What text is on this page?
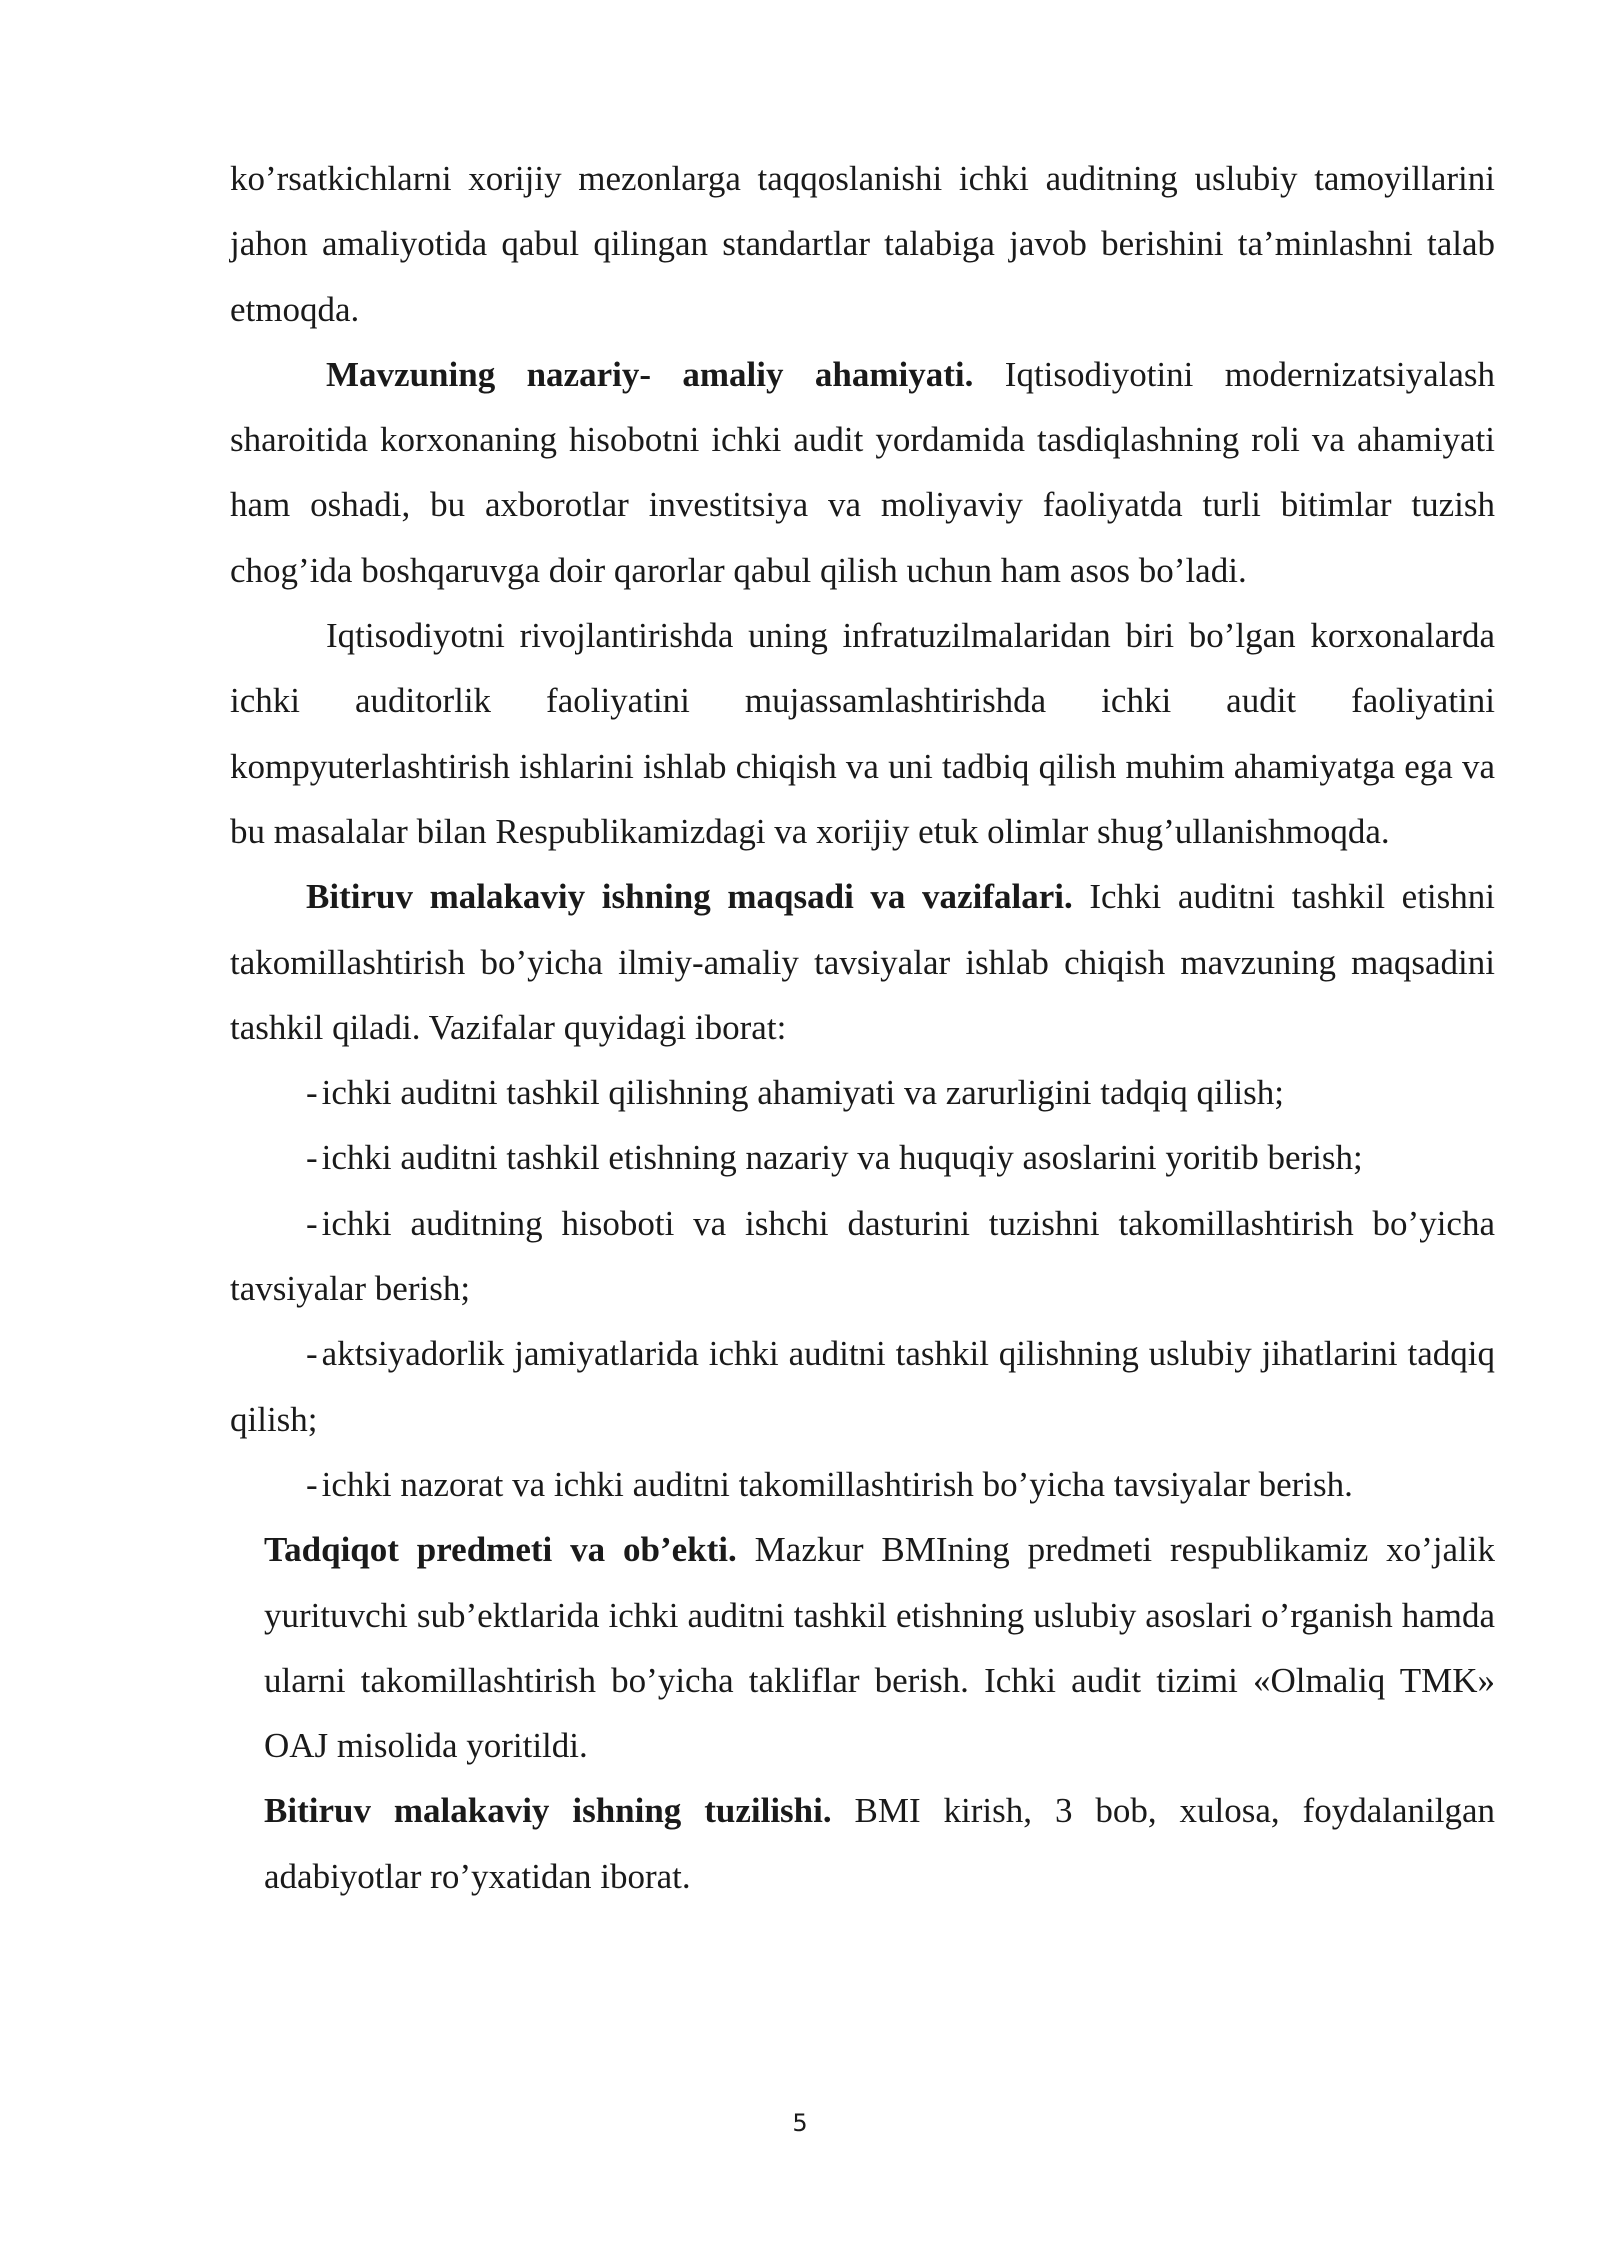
ko’rsatkichlarni xorijiy mezonlarga taqqoslanishi ichki auditning uslubiy tamoyillarini jahon amaliyotida qabul qilingan standartlar talabiga javob berishini ta’minlashni talab etmoqda.

Mavzuning nazariy- amaliy ahamiyati. Iqtisodiyotini modernizatsiyalash sharoitida korxonaning hisobotni ichki audit yordamida tasdiqlashning roli va ahamiyati ham oshadi, bu axborotlar investitsiya va moliyaviy faoliyatda turli bitimlar tuzish chog’ida boshqaruvga doir qarorlar qabul qilish uchun ham asos bo’ladi.

Iqtisodiyotni rivojlantirishda uning infratuzilmalaridan biri bo’lgan korxonalarda ichki auditorlik faoliyatini mujassamlashtirishda ichki audit faoliyatini kompyuterlashtirish ishlarini ishlab chiqish va uni tadbiq qilish muhim ahamiyatga ega va bu masalalar bilan Respublikamizdagi va xorijiy etuk olimlar shug’ullanishmoqda.

Bitiruv malakaviy ishning maqsadi va vazifalari. Ichki auditni tashkil etishni takomillashtirish bo’yicha ilmiy-amaliy tavsiyalar ishlab chiqish mavzuning maqsadini tashkil qiladi. Vazifalar quyidagi iborat:

- ichki auditni tashkil qilishning ahamiyati va zarurligini tadqiq qilish;

- ichki auditni tashkil etishning nazariy va huquqiy asoslarini yoritib berish;

- ichki auditning hisoboti va ishchi dasturini tuzishni takomillashtirish bo’yicha tavsiyalar berish;

- aktsiyadorlik jamiyatlarida ichki auditni tashkil qilishning uslubiy jihatlarini tadqiq qilish;

- ichki nazorat va ichki auditni takomillashtirish bo’yicha tavsiyalar berish.

Tadqiqot predmeti va ob’ekti. Mazkur BMIning predmeti respublikamiz xo’jalik yurituvchi sub’ektlarida ichki auditni tashkil etishning uslubiy asoslari o’rganish hamda ularni takomillashtirish bo’yicha takliflar berish. Ichki audit tizimi «Olmaliq TMK» OAJ misolida yoritildi.

Bitiruv malakaviy ishning tuzilishi. BMI kirish, 3 bob, xulosa, foydalanilgan adabiyotlar ro’yxatidan iborat.

5
